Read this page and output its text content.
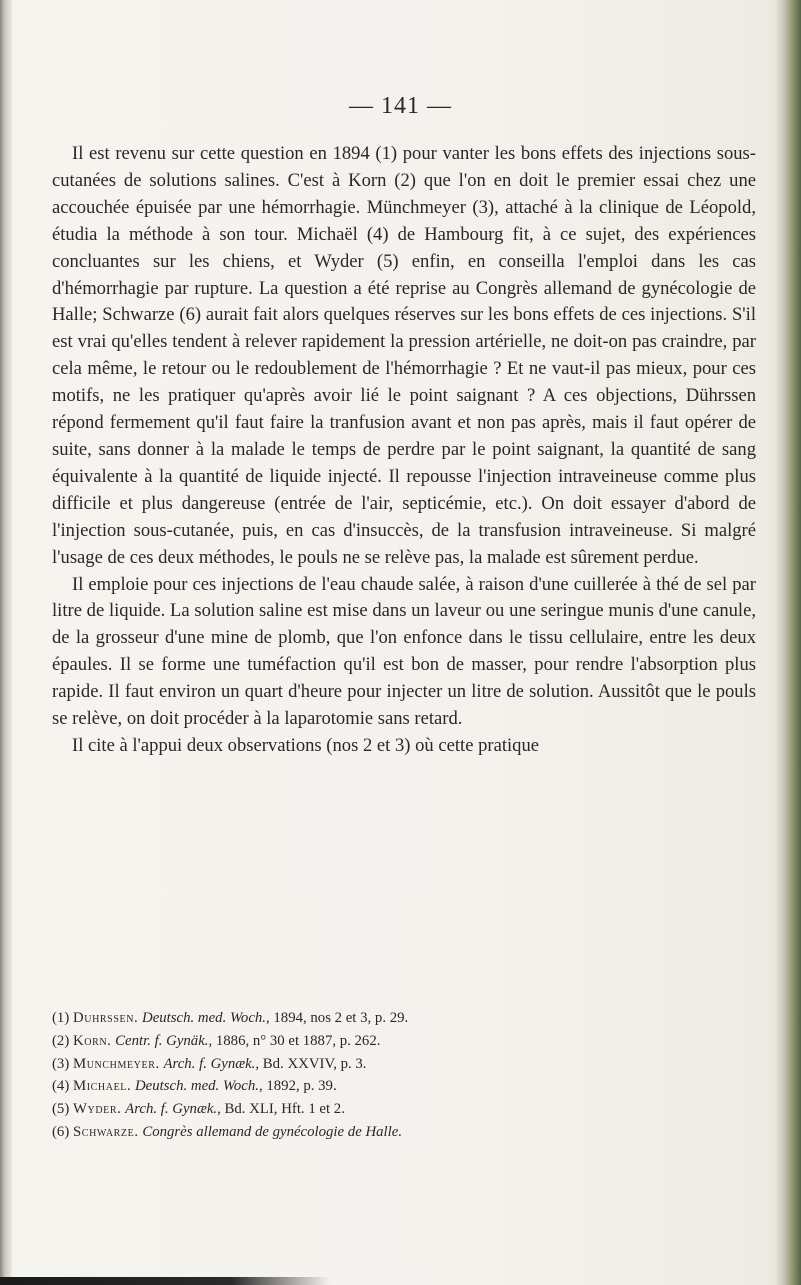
— 141 —

Il est revenu sur cette question en 1894 (1) pour vanter les bons effets des injections sous-cutanées de solutions salines. C'est à Korn (2) que l'on en doit le premier essai chez une accouchée épuisée par une hémorrhagie. Münchmeyer (3), attaché à la clinique de Léopold, étudia la méthode à son tour. Michaël (4) de Hambourg fit, à ce sujet, des expériences concluantes sur les chiens, et Wyder (5) enfin, en conseilla l'emploi dans les cas d'hémorrhagie par rupture. La question a été reprise au Congrès allemand de gynécologie de Halle; Schwarze (6) aurait fait alors quelques réserves sur les bons effets de ces injections. S'il est vrai qu'elles tendent à relever rapidement la pression artérielle, ne doit-on pas craindre, par cela même, le retour ou le redoublement de l'hémorrhagie ? Et ne vaut-il pas mieux, pour ces motifs, ne les pratiquer qu'après avoir lié le point saignant ? A ces objections, Dührssen répond fermement qu'il faut faire la tranfusion avant et non pas après, mais il faut opérer de suite, sans donner à la malade le temps de perdre par le point saignant, la quantité de sang équivalente à la quantité de liquide injecté. Il repousse l'injection intraveineuse comme plus difficile et plus dangereuse (entrée de l'air, septicémie, etc.). On doit essayer d'abord de l'injection sous-cutanée, puis, en cas d'insuccès, de la transfusion intraveineuse. Si malgré l'usage de ces deux méthodes, le pouls ne se relève pas, la malade est sûrement perdue.

Il emploie pour ces injections de l'eau chaude salée, à raison d'une cuillerée à thé de sel par litre de liquide. La solution saline est mise dans un laveur ou une seringue munis d'une canule, de la grosseur d'une mine de plomb, que l'on enfonce dans le tissu cellulaire, entre les deux épaules. Il se forme une tuméfaction qu'il est bon de masser, pour rendre l'absorption plus rapide. Il faut environ un quart d'heure pour injecter un litre de solution. Aussitôt que le pouls se relève, on doit procéder à la laparotomie sans retard.

Il cite à l'appui deux observations (nos 2 et 3) où cette pratique

(1) Duhrssen. Deutsch. med. Woch., 1894, nos 2 et 3, p. 29.

(2) Korn. Centr. f. Gynäk., 1886, n° 30 et 1887, p. 262.

(3) Munchmeyer. Arch. f. Gynæk., Bd. XXVIV, p. 3.

(4) Michael. Deutsch. med. Woch., 1892, p. 39.

(5) Wyder. Arch. f. Gynæk., Bd. XLI, Hft. 1 et 2.

(6) Schwarze. Congrès allemand de gynécologie de Halle.
